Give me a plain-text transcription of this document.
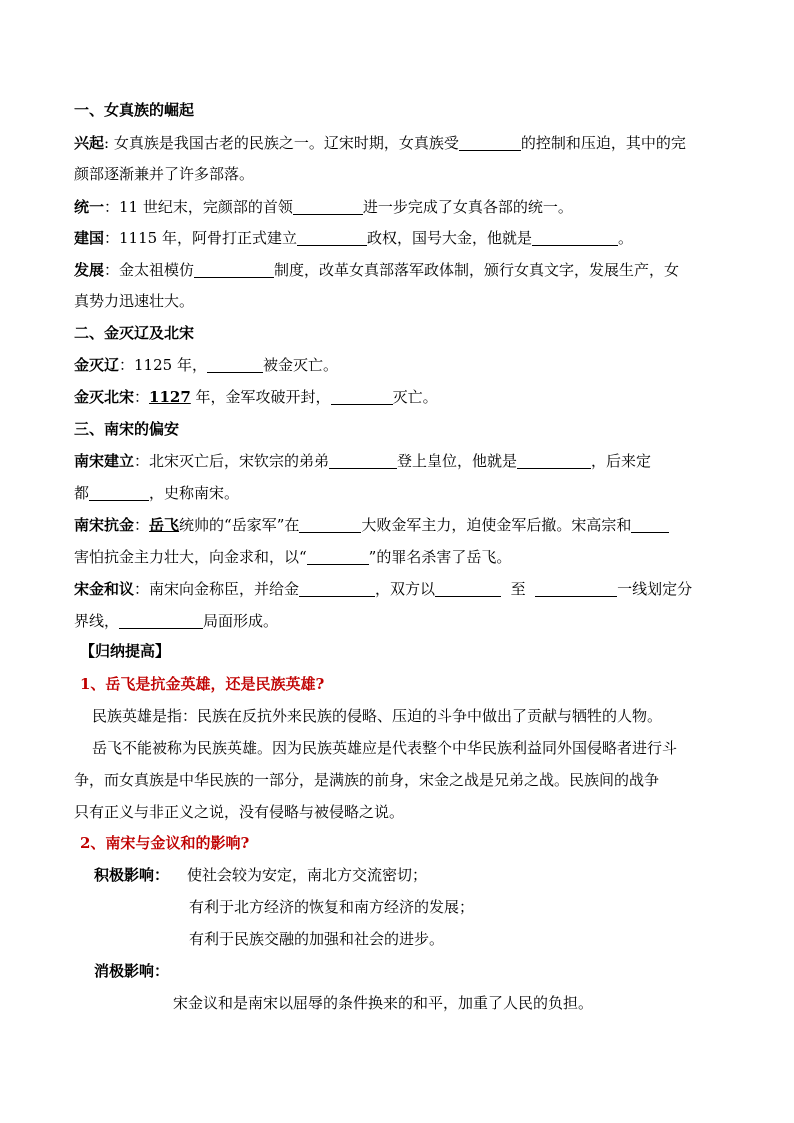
一、女真族的崛起
兴起: 女真族是我国古老的民族之一。辽宋时期，女真族受	的控制和压迫，其中的完
颜部逐渐兼并了许多部落。
统一：11 世纪末，完颜部的首领	进一步完成了女真各部的统一。
建国：1115 年，阿骨打正式建立	政权，国号大金，他就是	。
发展：金太祖模仿	制度，改革女真部落军政体制，颁行女真文字，发展生产，女
真势力迅速壮大。
二、金灭辽及北宋
金灭辽：1125 年，	被金灭亡。
金灭北宋：1127 年，金军攻破开封，	灭亡。
三、南宋的偏安
南宋建立：北宋灭亡后，宋钦宗的弟弟	登上皇位，他就是	，后来定
都	，史称南宋。
南宋抗金：岳飞统帅的“岳家军”在	大败金军主力，迫使金军后撤。宋高宗和
害怕抗金主力壮大，向金求和，以“	”的罪名杀害了岳飞。
宋金和议：南宋向金称臣，并给金	，双方以	至	一线划定分
界线，	局面形成。
【归纳提高】
1、岳飞是抗金英雄，还是民族英雄?
民族英雄是指：民族在反抗外来民族的侵略、压迫的斗争中做出了贡献与牺牲的人物。
岳飞不能被称为民族英雄。因为民族英雄应是代表整个中华民族利益同外国侵略者进行斗
争，而女真族是中华民族的一部分，是满族的前身，宋金之战是兄弟之战。民族间的战争
只有正义与非正义之说，没有侵略与被侵略之说。
2、南宋与金议和的影响?
积极影响： 使社会较为安定，南北方交流密切；
有利于北方经济的恢复和南方经济的发展；
有利于民族交融的加强和社会的进步。
消极影响：
宋金议和是南宋以屈辱的条件换来的和平，加重了人民的负担。
